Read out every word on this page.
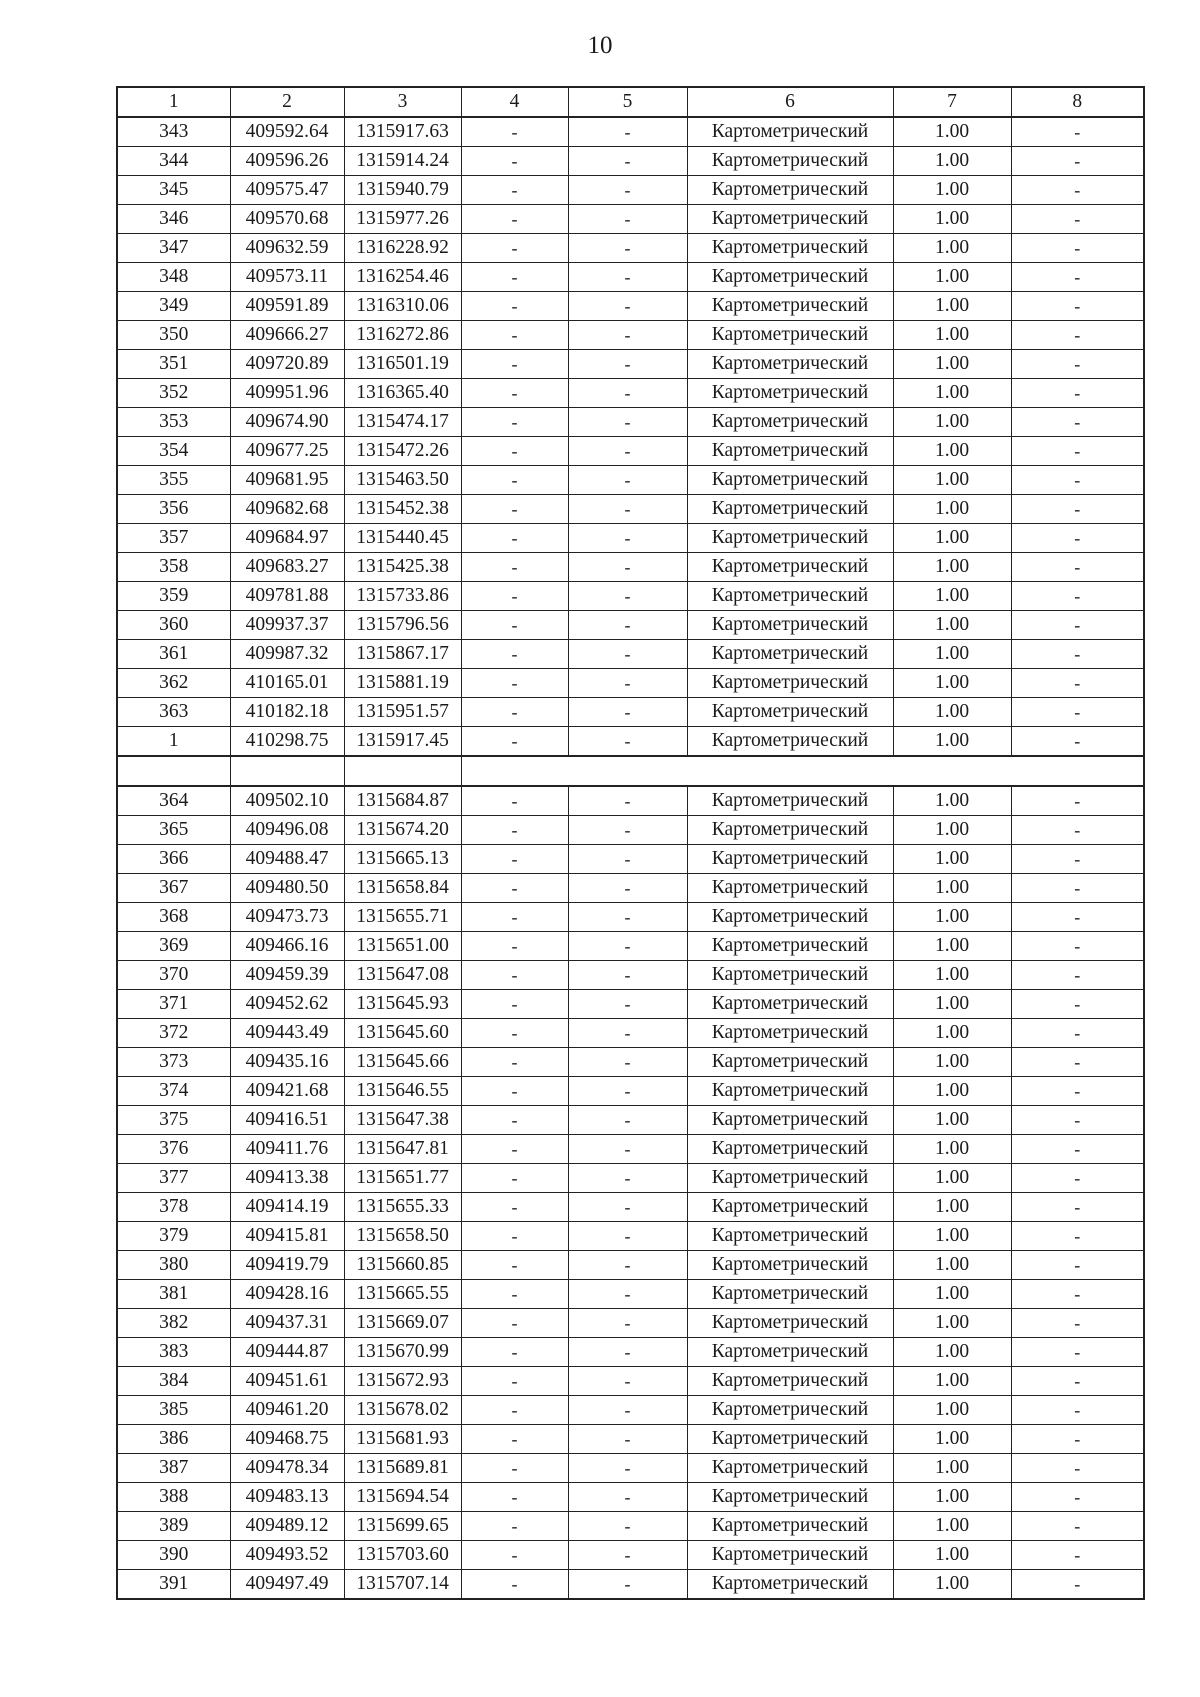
10
1	2	3	4	5	6	7	8
343	409592.64	1315917.63	-	-	Картометрический	1.00	-
344	409596.26	1315914.24	-	-	Картометрический	1.00	-
345	409575.47	1315940.79	-	-	Картометрический	1.00	-
346	409570.68	1315977.26	-	-	Картометрический	1.00	-
347	409632.59	1316228.92	-	-	Картометрический	1.00	-
348	409573.11	1316254.46	-	-	Картометрический	1.00	-
349	409591.89	1316310.06	-	-	Картометрический	1.00	-
350	409666.27	1316272.86	-	-	Картометрический	1.00	-
351	409720.89	1316501.19	-	-	Картометрический	1.00	-
352	409951.96	1316365.40	-	-	Картометрический	1.00	-
353	409674.90	1315474.17	-	-	Картометрический	1.00	-
354	409677.25	1315472.26	-	-	Картометрический	1.00	-
355	409681.95	1315463.50	-	-	Картометрический	1.00	-
356	409682.68	1315452.38	-	-	Картометрический	1.00	-
357	409684.97	1315440.45	-	-	Картометрический	1.00	-
358	409683.27	1315425.38	-	-	Картометрический	1.00	-
359	409781.88	1315733.86	-	-	Картометрический	1.00	-
360	409937.37	1315796.56	-	-	Картометрический	1.00	-
361	409987.32	1315867.17	-	-	Картометрический	1.00	-
362	410165.01	1315881.19	-	-	Картометрический	1.00	-
363	410182.18	1315951.57	-	-	Картометрический	1.00	-
1	410298.75	1315917.45	-	-	Картометрический	1.00	-

364	409502.10	1315684.87	-	-	Картометрический	1.00	-
365	409496.08	1315674.20	-	-	Картометрический	1.00	-
366	409488.47	1315665.13	-	-	Картометрический	1.00	-
367	409480.50	1315658.84	-	-	Картометрический	1.00	-
368	409473.73	1315655.71	-	-	Картометрический	1.00	-
369	409466.16	1315651.00	-	-	Картометрический	1.00	-
370	409459.39	1315647.08	-	-	Картометрический	1.00	-
371	409452.62	1315645.93	-	-	Картометрический	1.00	-
372	409443.49	1315645.60	-	-	Картометрический	1.00	-
373	409435.16	1315645.66	-	-	Картометрический	1.00	-
374	409421.68	1315646.55	-	-	Картометрический	1.00	-
375	409416.51	1315647.38	-	-	Картометрический	1.00	-
376	409411.76	1315647.81	-	-	Картометрический	1.00	-
377	409413.38	1315651.77	-	-	Картометрический	1.00	-
378	409414.19	1315655.33	-	-	Картометрический	1.00	-
379	409415.81	1315658.50	-	-	Картометрический	1.00	-
380	409419.79	1315660.85	-	-	Картометрический	1.00	-
381	409428.16	1315665.55	-	-	Картометрический	1.00	-
382	409437.31	1315669.07	-	-	Картометрический	1.00	-
383	409444.87	1315670.99	-	-	Картометрический	1.00	-
384	409451.61	1315672.93	-	-	Картометрический	1.00	-
385	409461.20	1315678.02	-	-	Картометрический	1.00	-
386	409468.75	1315681.93	-	-	Картометрический	1.00	-
387	409478.34	1315689.81	-	-	Картометрический	1.00	-
388	409483.13	1315694.54	-	-	Картометрический	1.00	-
389	409489.12	1315699.65	-	-	Картометрический	1.00	-
390	409493.52	1315703.60	-	-	Картометрический	1.00	-
391	409497.49	1315707.14	-	-	Картометрический	1.00	-
